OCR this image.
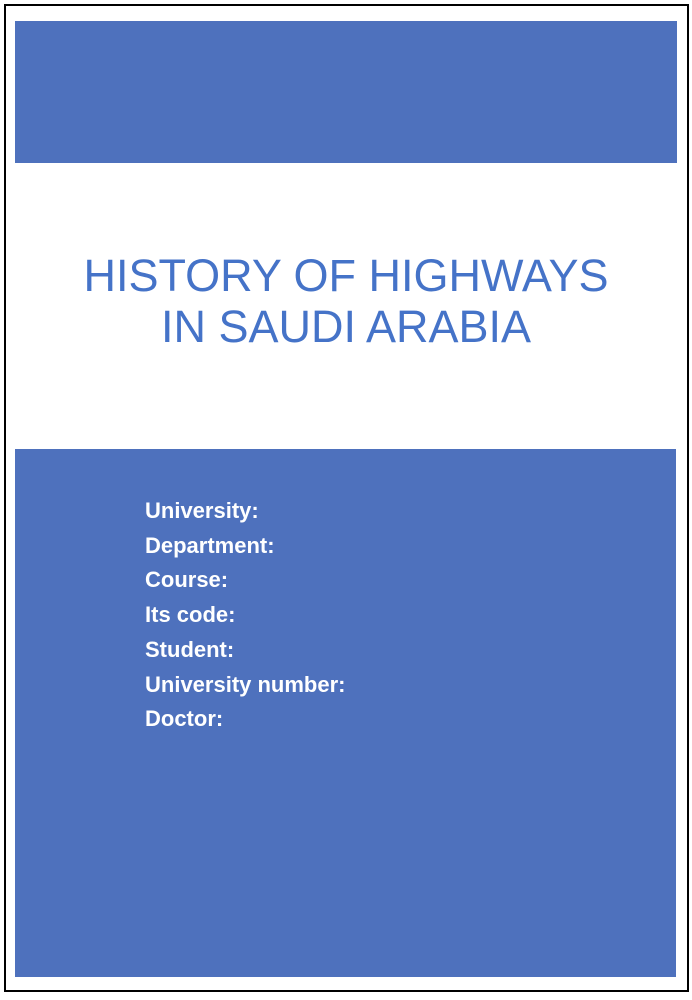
HISTORY OF HIGHWAYS
IN SAUDI ARABIA
University:
Department:
Course:
Its code:
Student:
University number:
Doctor:
